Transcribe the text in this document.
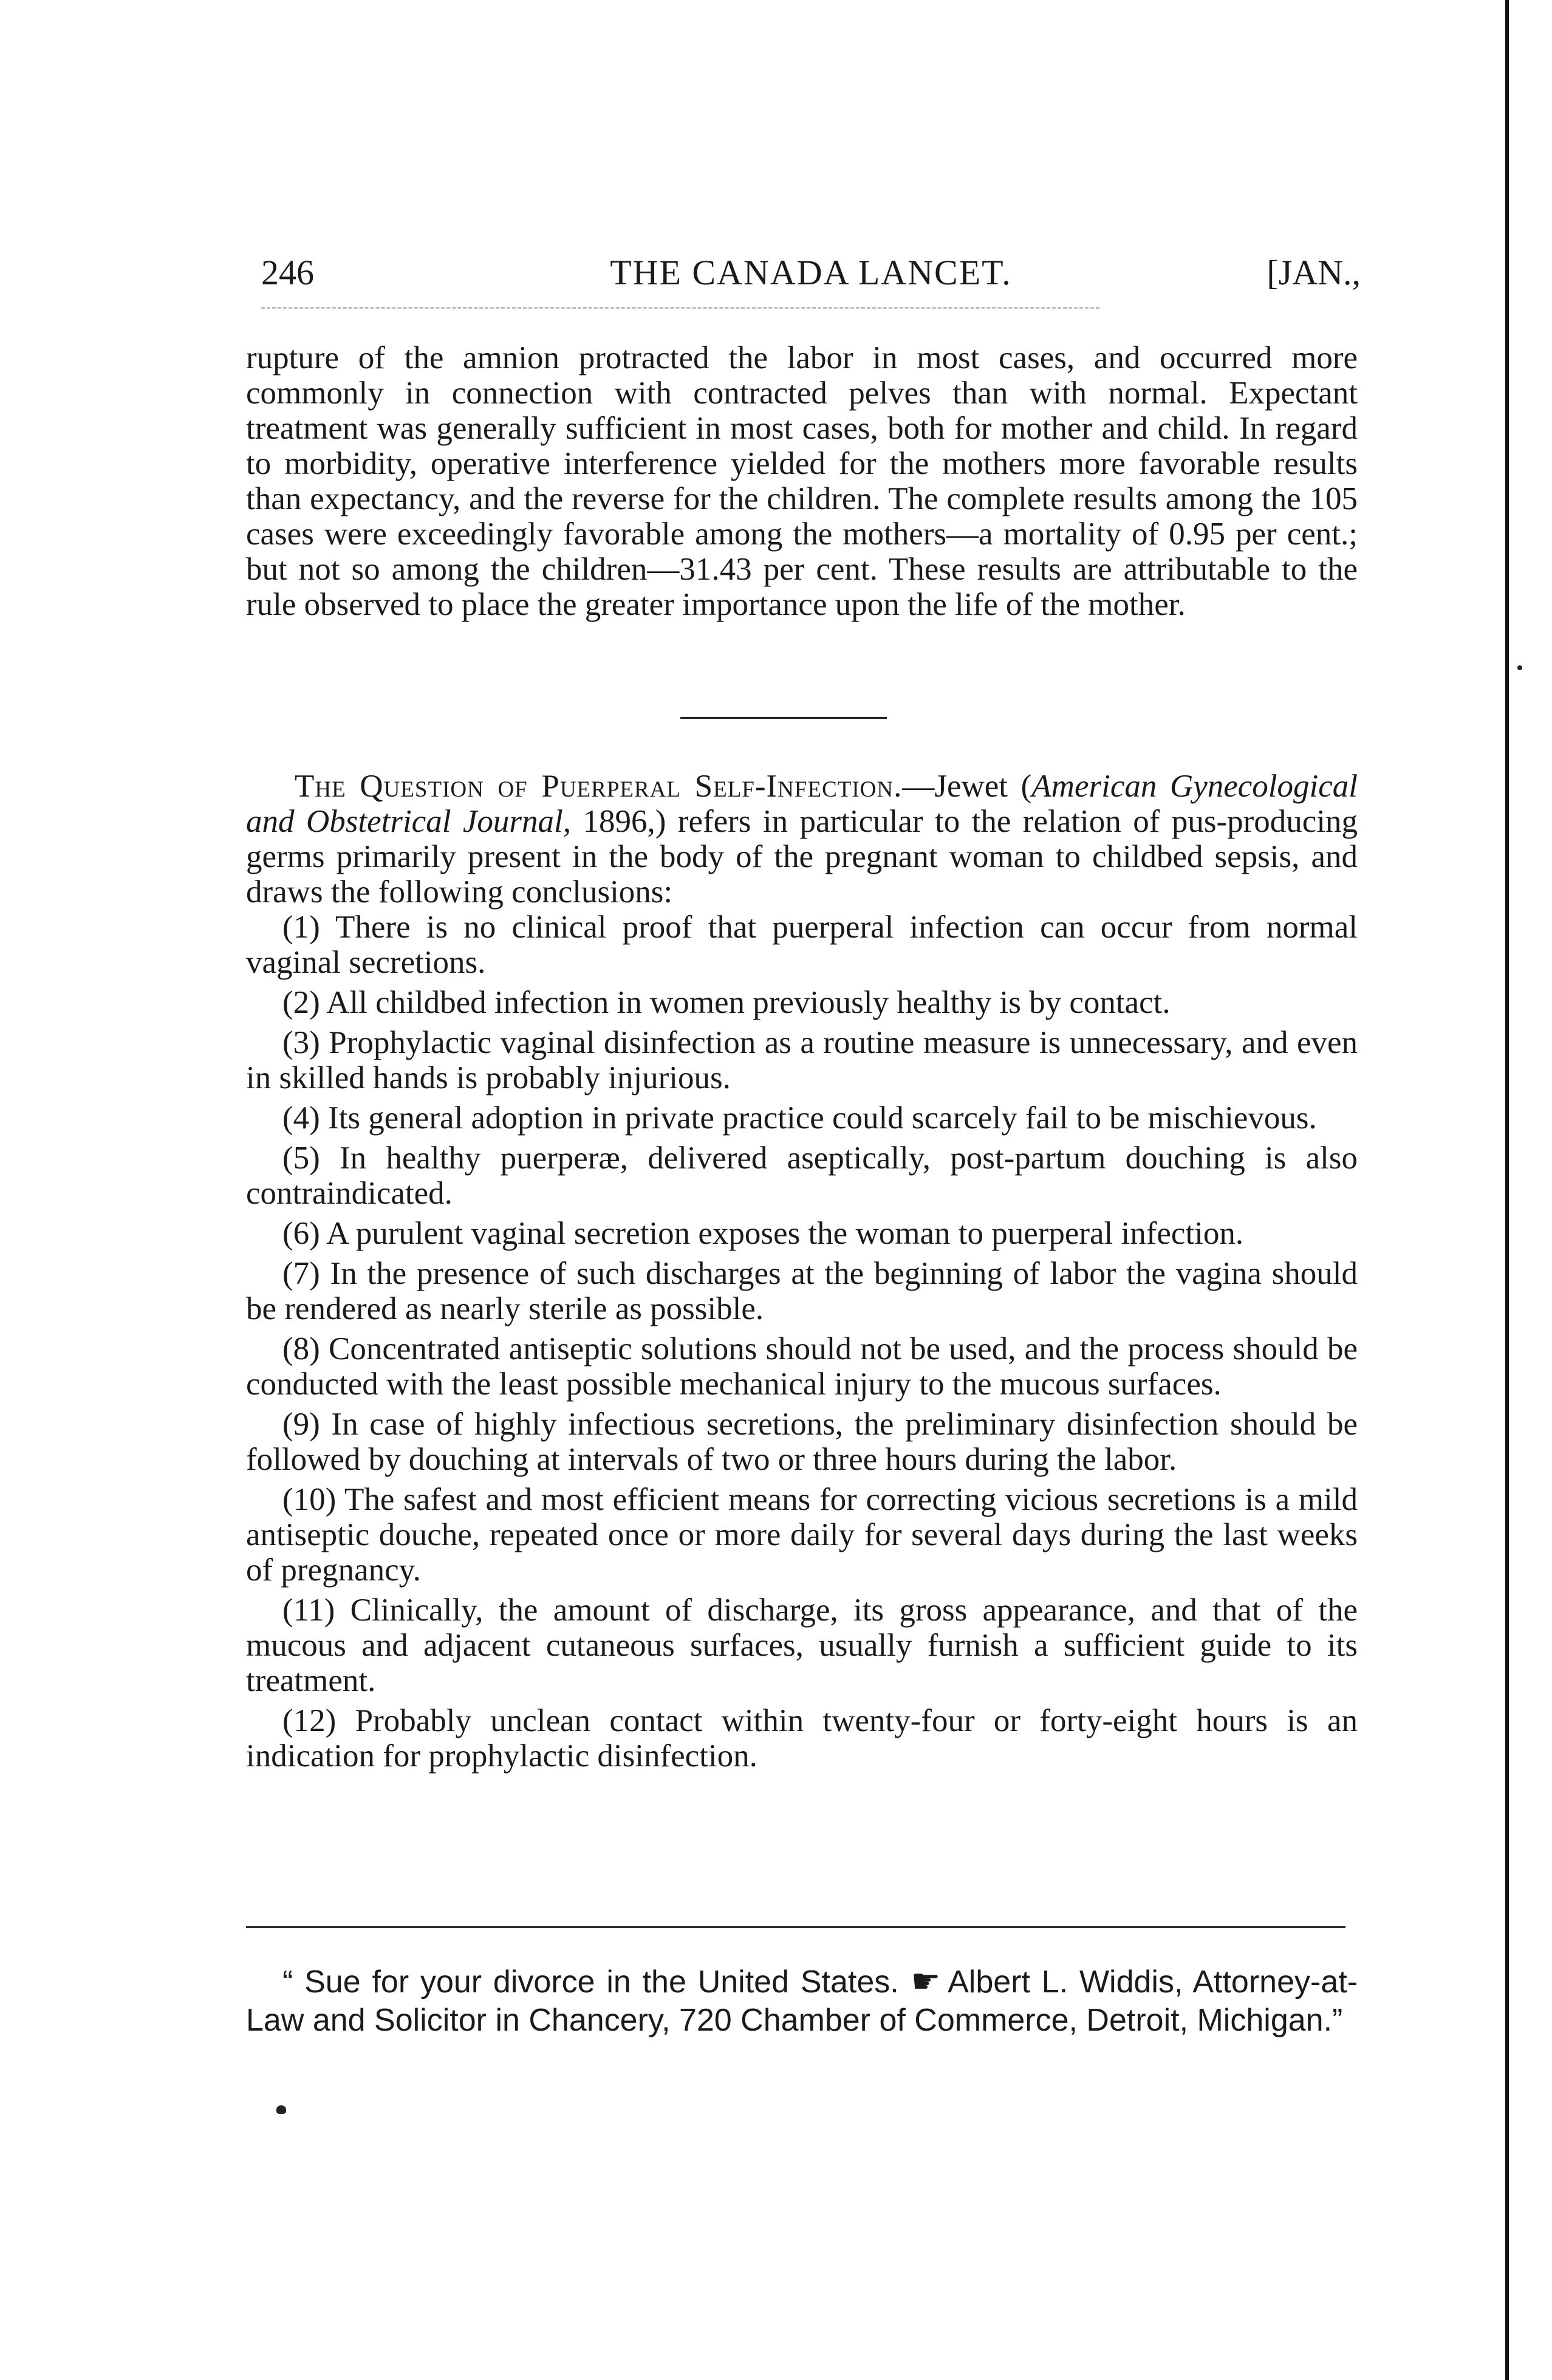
246	THE CANADA LANCET.	[JAN.,

rupture of the amnion protracted the labor in most cases, and occurred more commonly in connection with contracted pelves than with normal. Expectant treatment was generally sufficient in most cases, both for mother and child. In regard to morbidity, operative interference yielded for the mothers more favorable results than expectancy, and the reverse for the children. The complete results among the 105 cases were exceedingly favorable among the mothers—a mortality of 0.95 per cent.; but not so among the children—31.43 per cent. These results are attributable to the rule observed to place the greater importance upon the life of the mother.

The Question of Puerperal Self-Infection.—Jewet (American Gynecological and Obstetrical Journal, 1896,) refers in particular to the relation of pus-producing germs primarily present in the body of the pregnant woman to childbed sepsis, and draws the following conclusions:

(1) There is no clinical proof that puerperal infection can occur from normal vaginal secretions.

(2) All childbed infection in women previously healthy is by contact.

(3) Prophylactic vaginal disinfection as a routine measure is unnecessary, and even in skilled hands is probably injurious.

(4) Its general adoption in private practice could scarcely fail to be mischievous.

(5) In healthy puerperæ, delivered aseptically, post-partum douching is also contraindicated.

(6) A purulent vaginal secretion exposes the woman to puerperal infection.

(7) In the presence of such discharges at the beginning of labor the vagina should be rendered as nearly sterile as possible.

(8) Concentrated antiseptic solutions should not be used, and the process should be conducted with the least possible mechanical injury to the mucous surfaces.

(9) In case of highly infectious secretions, the preliminary disinfection should be followed by douching at intervals of two or three hours during the labor.

(10) The safest and most efficient means for correcting vicious secretions is a mild antiseptic douche, repeated once or more daily for several days during the last weeks of pregnancy.

(11) Clinically, the amount of discharge, its gross appearance, and that of the mucous and adjacent cutaneous surfaces, usually furnish a sufficient guide to its treatment.

(12) Probably unclean contact within twenty-four or forty-eight hours is an indication for prophylactic disinfection.

“ Sue for your divorce in the United States. ☛ Albert L. Widdis, Attorney-at-Law and Solicitor in Chancery, 720 Chamber of Commerce, Detroit, Michigan.”
